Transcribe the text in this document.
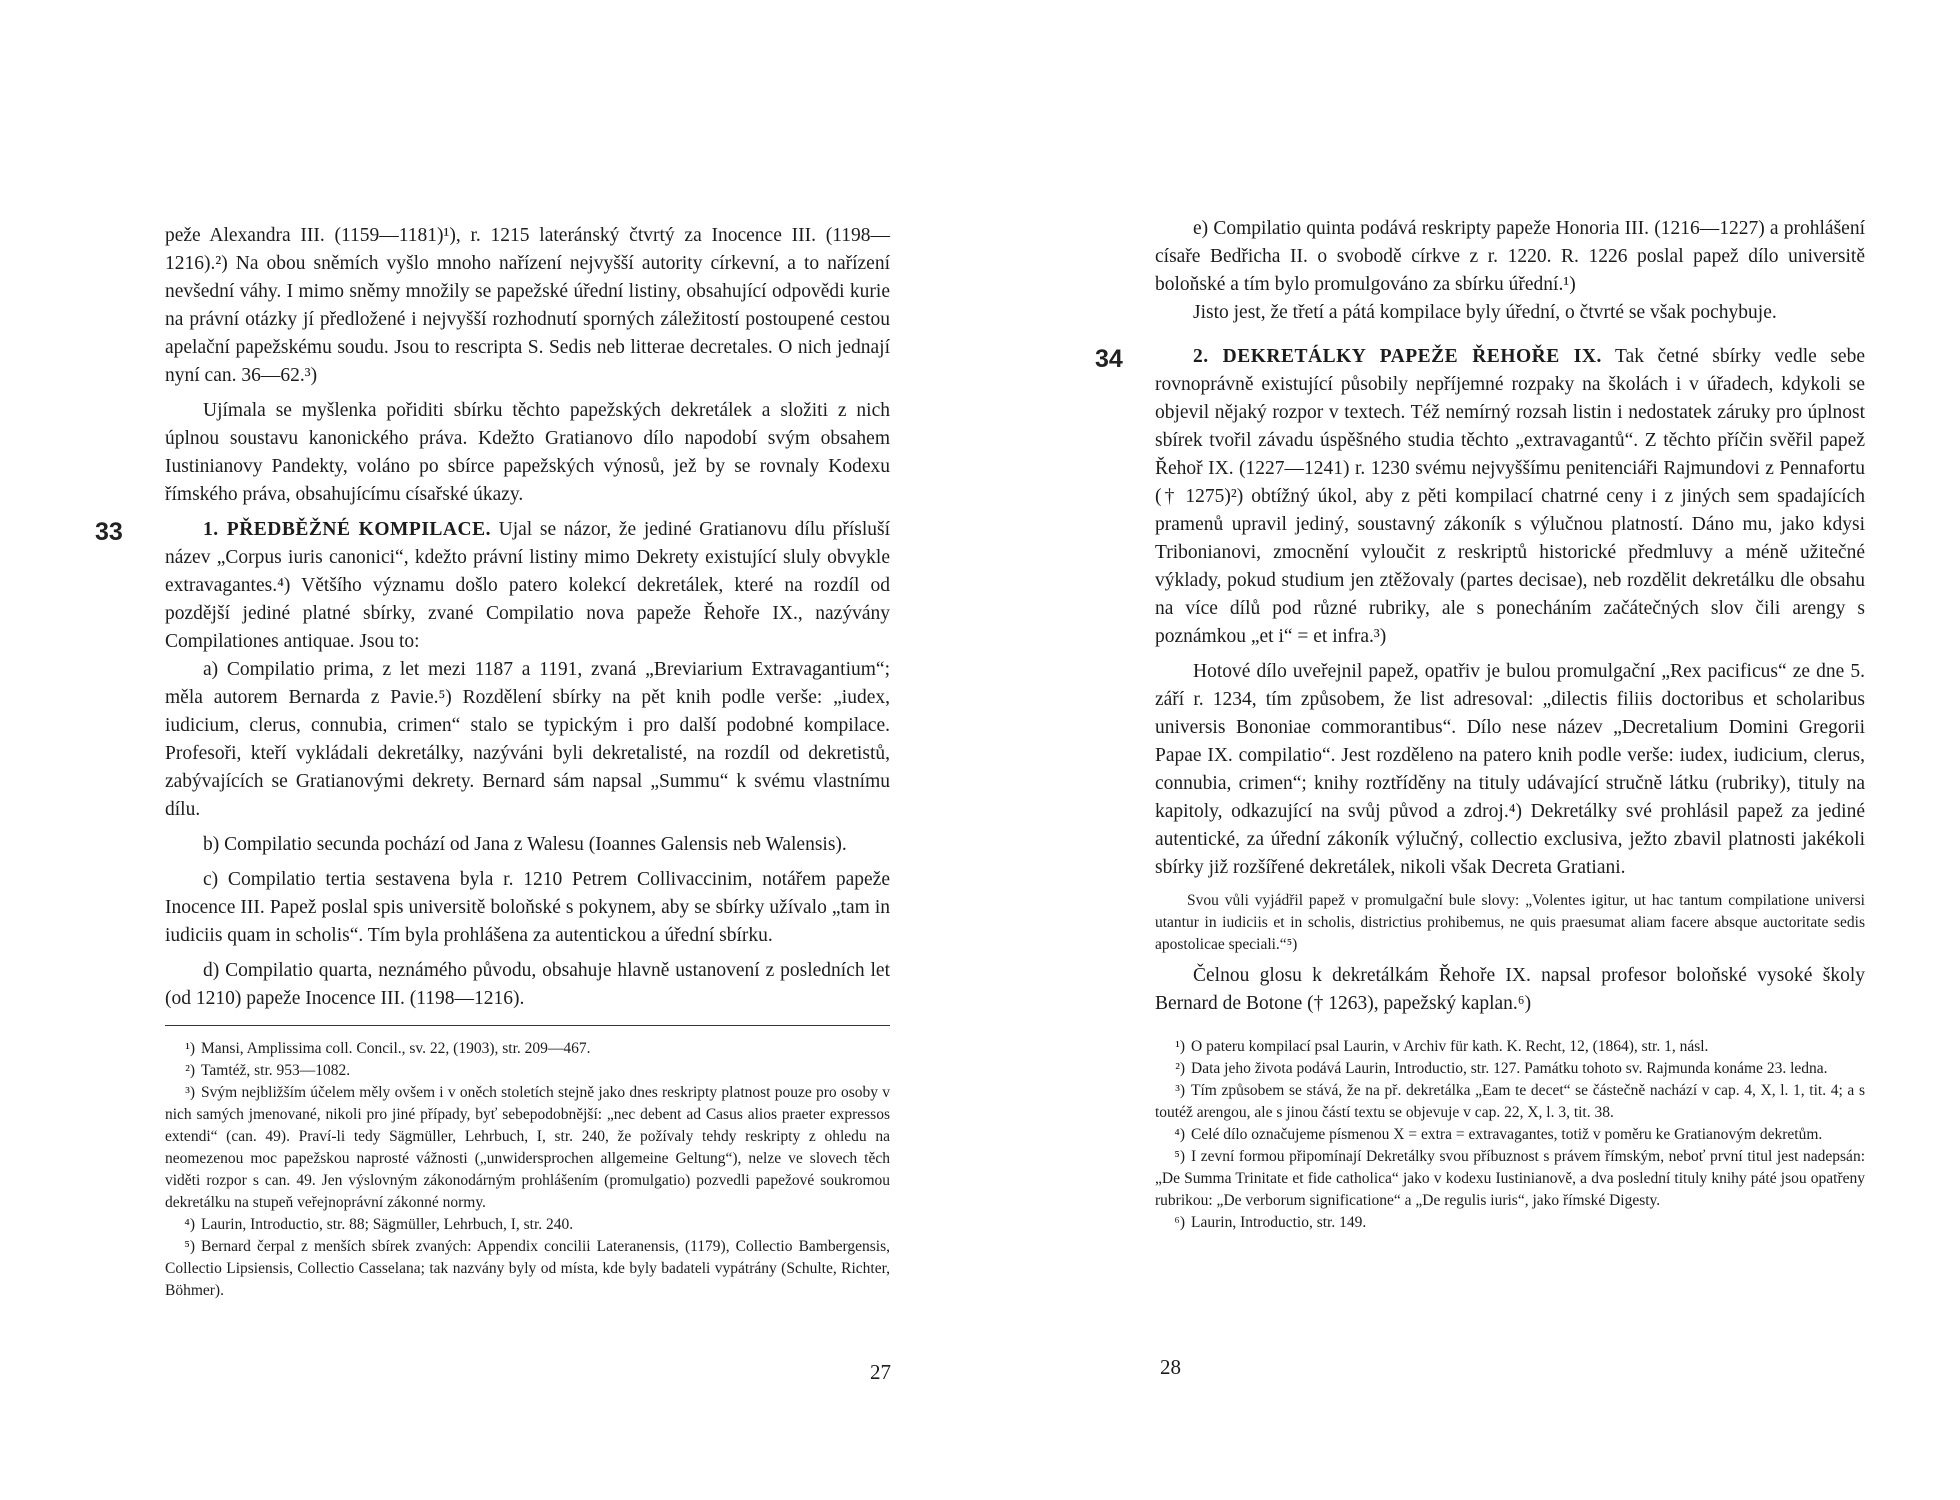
peže Alexandra III. (1159—1181)¹), r. 1215 lateránský čtvrtý za Inocence III. (1198—1216).²) Na obou sněmích vyšlo mnoho nařízení nejvyšší autority církevní, a to nařízení nevšední váhy. I mimo sněmy množily se papežské úřední listiny, obsahující odpovědi kurie na právní otázky jí předložené i nejvyšší rozhodnutí sporných záležitostí postoupené cestou apelační papežskému soudu. Jsou to rescripta S. Sedis neb litterae decretales. O nich jednají nyní can. 36—62.³)

Ujímala se myšlenka pořiditi sbírku těchto papežských dekretálek a složiti z nich úplnou soustavu kanonického práva. Kdežto Gratianovo dílo napodobí svým obsahem Iustinianovy Pandekty, voláno po sbírce papežských výnosů, jež by se rovnaly Kodexu římského práva, obsahujícímu císařské úkazy.

33	1. PŘEDBĚŽNÉ KOMPILACE. Ujal se názor, že jediné Gratianovu dílu přísluší název „Corpus iuris canonici“, kdežto právní listiny mimo Dekrety existující sluly obvykle extravagantes.⁴) Většího významu došlo patero kolekcí dekretálek, které na rozdíl od pozdější jediné platné sbírky, zvané Compilatio nova papeže Řehoře IX., nazývány Compilationes antiquae. Jsou to:

a) Compilatio prima, z let mezi 1187 a 1191, zvaná „Breviarium Extravagantium“; měla autorem Bernarda z Pavie.⁵) Rozdělení sbírky na pět knih podle verše: „iudex, iudicium, clerus, connubia, crimen“ stalo se typickým i pro další podobné kompilace. Profesoři, kteří vykládali dekretálky, nazýváni byli dekretalisté, na rozdíl od dekretistů, zabývajících se Gratianovými dekrety. Bernard sám napsal „Summu“ k svému vlastnímu dílu.

b) Compilatio secunda pochází od Jana z Walesu (Ioannes Galensis neb Walensis).

c) Compilatio tertia sestavena byla r. 1210 Petrem Collivaccinim, notářem papeže Inocence III. Papež poslal spis universitě boloňské s pokynem, aby se sbírky užívalo „tam in iudiciis quam in scholis“. Tím byla prohlášena za autentickou a úřední sbírku.

d) Compilatio quarta, neznámého původu, obsahuje hlavně ustanovení z posledních let (od 1210) papeže Inocence III. (1198—1216).

¹) Mansi, Amplissima coll. Concil., sv. 22, (1903), str. 209—467.

²) Tamtéž, str. 953—1082.

³) Svým nejbližším účelem měly ovšem i v oněch stoletích stejně jako dnes reskripty platnost pouze pro osoby v nich samých jmenované, nikoli pro jiné případy, byť sebepodobnější: „nec debent ad Casus alios praeter expressos extendi“ (can. 49). Praví-li tedy Sägmüller, Lehrbuch, I, str. 240, že požívaly tehdy reskripty z ohledu na neomezenou moc papežskou naprosté vážnosti („unwidersprochen allgemeine Geltung“), nelze ve slovech těch viděti rozpor s can. 49. Jen výslovným zákonodárným prohlášením (promulgatio) pozvedli papežové soukromou dekretálku na stupeň veřejnoprávní zákonné normy.

⁴) Laurin, Introductio, str. 88; Sägmüller, Lehrbuch, I, str. 240.

⁵) Bernard čerpal z menších sbírek zvaných: Appendix concilii Lateranensis, (1179), Collectio Bambergensis, Collectio Lipsiensis, Collectio Casselana; tak nazvány byly od místa, kde byly badateli vypátrány (Schulte, Richter, Böhmer).

27

e) Compilatio quinta podává reskripty papeže Honoria III. (1216—1227) a prohlášení císaře Bedřicha II. o svobodě církve z r. 1220. R. 1226 poslal papež dílo universitě boloňské a tím bylo promulgováno za sbírku úřední.¹)

Jisto jest, že třetí a pátá kompilace byly úřední, o čtvrté se však pochybuje.

34	2. DEKRETÁLKY PAPEŽE ŘEHOŘE IX. Tak četné sbírky vedle sebe rovnoprávně existující působily nepříjemné rozpaky na školách i v úřadech, kdykoli se objevil nějaký rozpor v textech. Též nemírný rozsah listin i nedostatek záruky pro úplnost sbírek tvořil závadu úspěšného studia těchto „extravagantů“. Z těchto příčin svěřil papež Řehoř IX. (1227—1241) r. 1230 svému nejvyššímu penitenciáři Rajmundovi z Pennafortu († 1275)²) obtížný úkol, aby z pěti kompilací chatrné ceny i z jiných sem spadajících pramenů upravil jediný, soustavný zákoník s výlučnou platností. Dáno mu, jako kdysi Tribonianovi, zmocnění vyloučit z reskriptů historické předmluvy a méně užitečné výklady, pokud studium jen ztěžovaly (partes decisae), neb rozdělit dekretálku dle obsahu na více dílů pod různé rubriky, ale s ponecháním začátečných slov čili arengy s poznámkou „et i“ = et infra.³)

Hotové dílo uveřejnil papež, opatřiv je bulou promulgační „Rex pacificus“ ze dne 5. září r. 1234, tím způsobem, že list adresoval: „dilectis filiis doctoribus et scholaribus universis Bononiae commorantibus“. Dílo nese název „Decretalium Domini Gregorii Papae IX. compilatio“. Jest rozděleno na patero knih podle verše: iudex, iudicium, clerus, connubia, crimen“; knihy roztříděny na tituly udávající stručně látku (rubriky), tituly na kapitoly, odkazující na svůj původ a zdroj.⁴) Dekretálky své prohlásil papež za jediné autentické, za úřední zákoník výlučný, collectio exclusiva, ježto zbavil platnosti jakékoli sbírky již rozšířené dekretálek, nikoli však Decreta Gratiani.

Svou vůli vyjádřil papež v promulgační bule slovy: „Volentes igitur, ut hac tantum compilatione universi utantur in iudiciis et in scholis, districtius prohibemus, ne quis praesumat aliam facere absque auctoritate sedis apostolicae speciali.“⁵)

Čelnou glosu k dekretálkám Řehoře IX. napsal profesor boloňské vysoké školy Bernard de Botone († 1263), papežský kaplan.⁶)

¹) O pateru kompilací psal Laurin, v Archiv für kath. K. Recht, 12, (1864), str. 1, násl.

²) Data jeho života podává Laurin, Introductio, str. 127. Památku tohoto sv. Rajmunda konáme 23. ledna.

³) Tím způsobem se stává, že na př. dekretálka „Eam te decet“ se částečně nachází v cap. 4, X, l. 1, tit. 4; a s toutéž arengou, ale s jinou částí textu se objevuje v cap. 22, X, l. 3, tit. 38.

⁴) Celé dílo označujeme písmenou X = extra = extravagantes, totiž v poměru ke Gratianovým dekretům.

⁵) I zevní formou připomínají Dekretálky svou příbuznost s právem římským, neboť první titul jest nadepsán: „De Summa Trinitate et fide catholica“ jako v kodexu Iustinianově, a dva poslední tituly knihy páté jsou opatřeny rubrikou: „De verborum significatione“ a „De regulis iuris“, jako římské Digesty.

⁶) Laurin, Introductio, str. 149.

28
